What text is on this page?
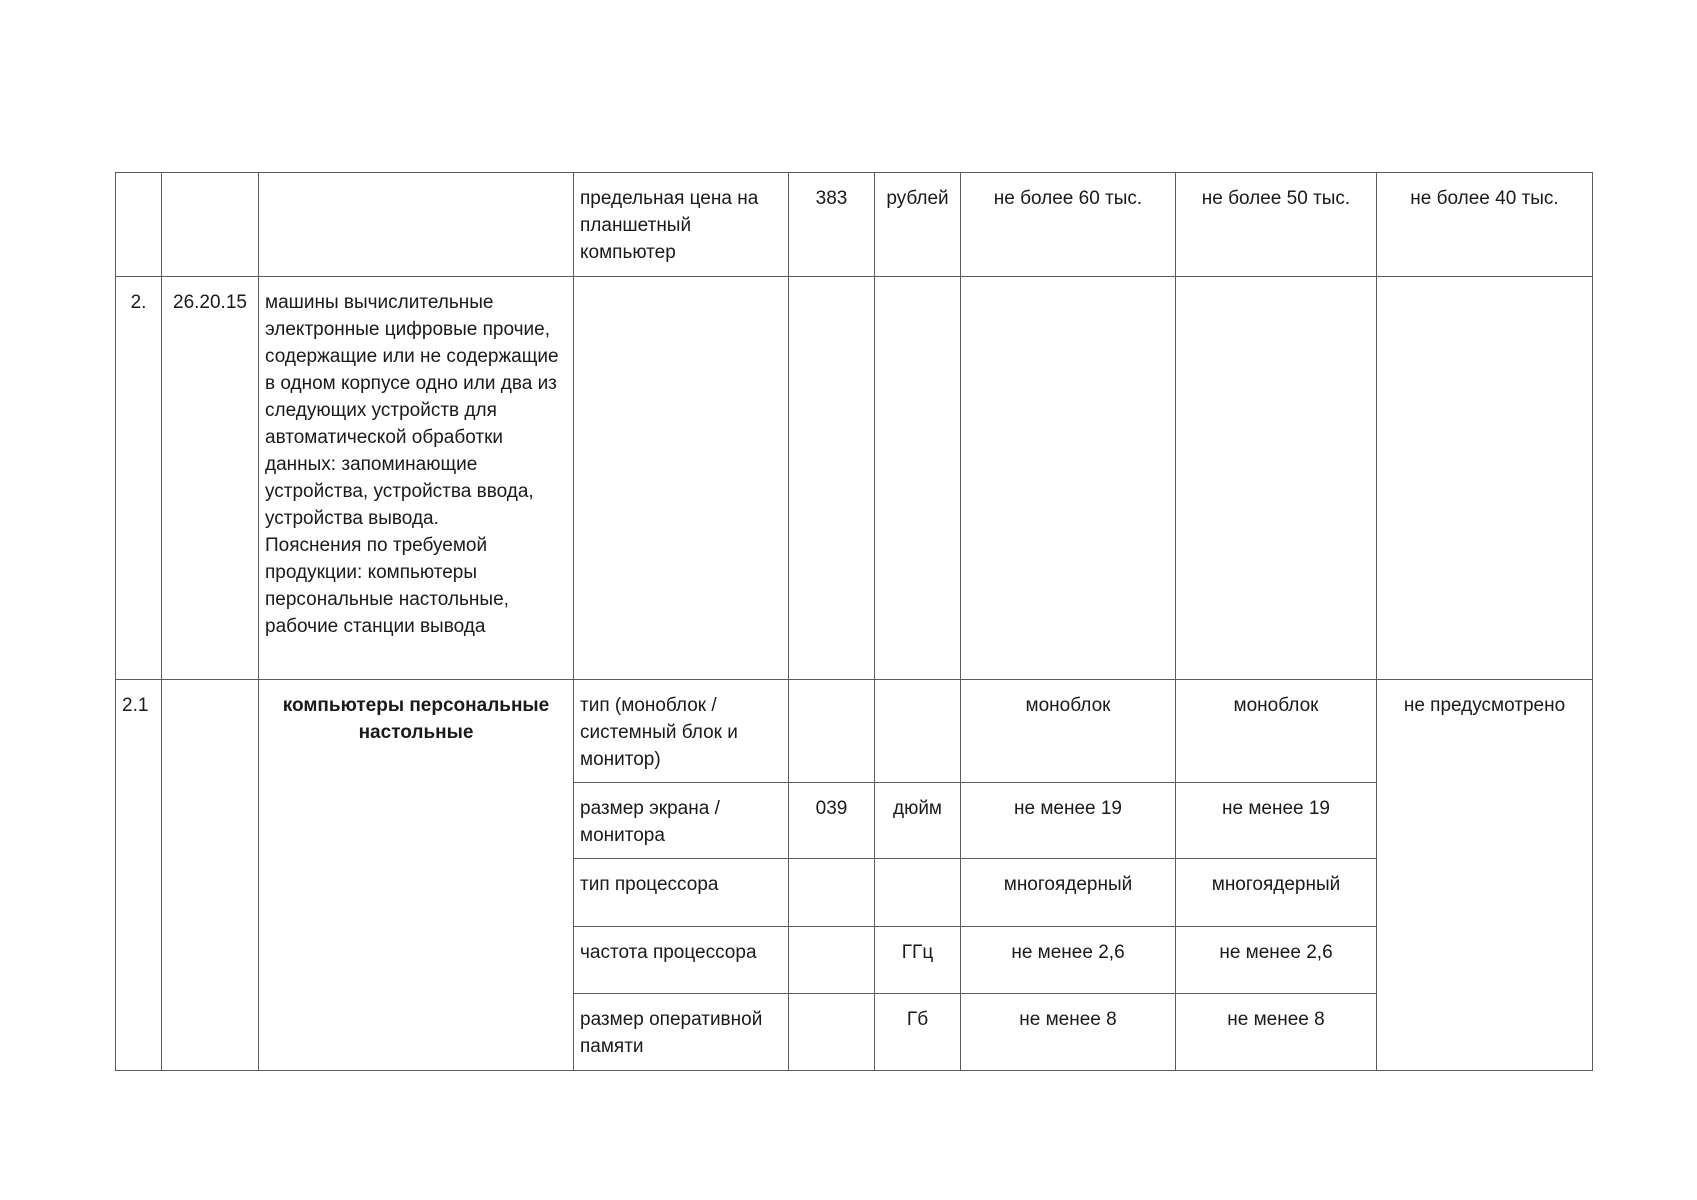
			предельная цена на планшетный компьютер	383	рублей	не более 60 тыс.	не более 50 тыс.	не более 40 тыс.
2.	26.20.15	машины вычислительные электронные цифровые прочие, содержащие или не содержащие в одном корпусе одно или два из следующих устройств для автоматической обработки данных: запоминающие устройства, устройства ввода, устройства вывода.
Пояснения по требуемой продукции: компьютеры персональные настольные, рабочие станции вывода						
2.1		компьютеры персональные настольные	тип (моноблок / системный блок и монитор)			моноблок	моноблок	не предусмотрено
			размер экрана / монитора	039	дюйм	не менее 19	не менее 19	
			тип процессора			многоядерный	многоядерный	
			частота процессора		ГГц	не менее 2,6	не менее 2,6	
			размер оперативной памяти		Гб	не менее 8	не менее 8	
